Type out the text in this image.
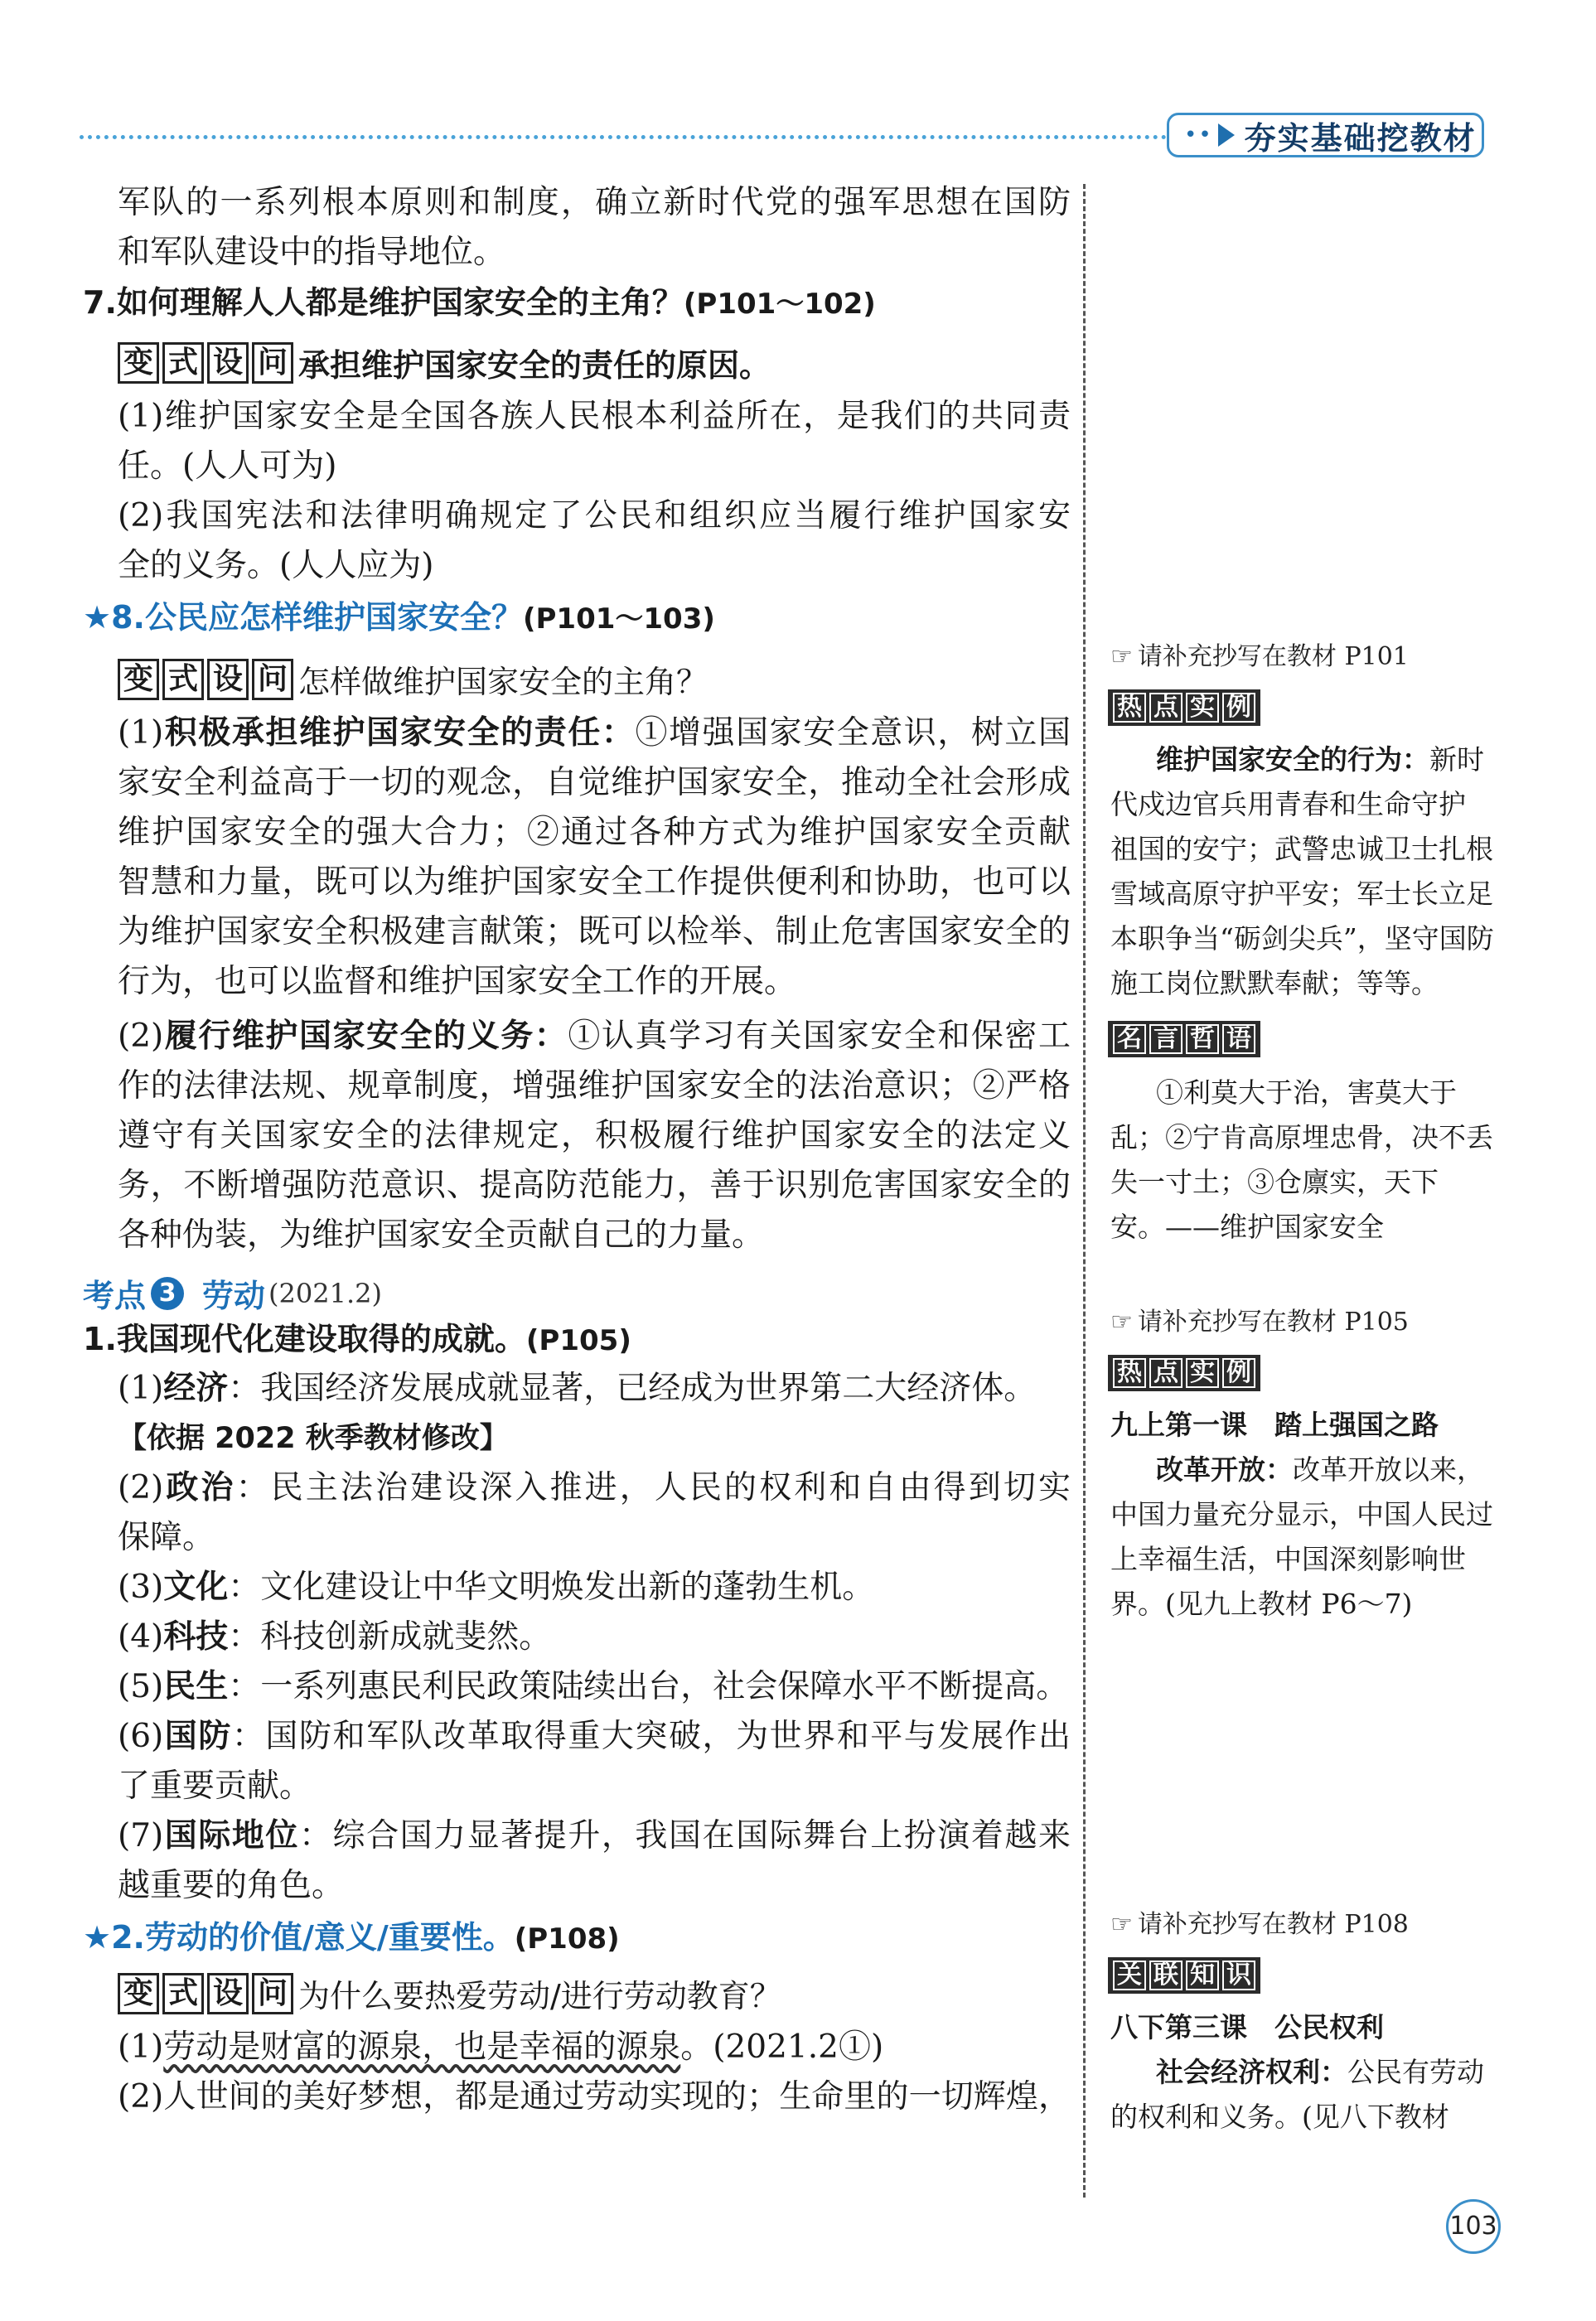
•• 夯实基础挖教材
军队的一系列根本原则和制度，确立新时代党的强军思想在国防
和军队建设中的指导地位。
7.如何理解人人都是维护国家安全的主角？(P101～102)
变 式 设 问 承担维护国家安全的责任的原因。
(1)维护国家安全是全国各族人民根本利益所在，是我们的共同责
任。(人人可为)
(2)我国宪法和法律明确规定了公民和组织应当履行维护国家安
全的义务。(人人应为)
★8.公民应怎样维护国家安全？(P101～103)
变 式 设 问 怎样做维护国家安全的主角？
(1)积极承担维护国家安全的责任：①增强国家安全意识，树立国
家安全利益高于一切的观念，自觉维护国家安全，推动全社会形成
维护国家安全的强大合力；②通过各种方式为维护国家安全贡献
智慧和力量，既可以为维护国家安全工作提供便利和协助，也可以
为维护国家安全积极建言献策；既可以检举、制止危害国家安全的
行为，也可以监督和维护国家安全工作的开展。
(2)履行维护国家安全的义务：①认真学习有关国家安全和保密工
作的法律法规、规章制度，增强维护国家安全的法治意识；②严格
遵守有关国家安全的法律规定，积极履行维护国家安全的法定义
务，不断增强防范意识、提高防范能力，善于识别危害国家安全的
各种伪装，为维护国家安全贡献自己的力量。
考点 3 劳动 (2021.2)
1.我国现代化建设取得的成就。(P105)
(1)经济：我国经济发展成就显著，已经成为世界第二大经济体。
【依据 2022 秋季教材修改】
(2)政治：民主法治建设深入推进，人民的权利和自由得到切实
保障。
(3)文化：文化建设让中华文明焕发出新的蓬勃生机。
(4)科技：科技创新成就斐然。
(5)民生：一系列惠民利民政策陆续出台，社会保障水平不断提高。
(6)国防：国防和军队改革取得重大突破，为世界和平与发展作出
了重要贡献。
(7)国际地位：综合国力显著提升，我国在国际舞台上扮演着越来
越重要的角色。
★2.劳动的价值/意义/重要性。(P108)
变 式 设 问 为什么要热爱劳动/进行劳动教育？
(1)劳动是财富的源泉，也是幸福的源泉。(2021.2①)
(2)人世间的美好梦想，都是通过劳动实现的；生命里的一切辉煌，
☞ 请补充抄写在教材 P101
热 点 实 例
维护国家安全的行为：新时
代戍边官兵用青春和生命守护
祖国的安宁；武警忠诚卫士扎根
雪域高原守护平安；军士长立足
本职争当“砺剑尖兵”，坚守国防
施工岗位默默奉献；等等。
名 言 哲 语
①利莫大于治，害莫大于
乱；②宁肯高原埋忠骨，决不丢
失一寸土；③仓廪实，天下
安。——维护国家安全
☞ 请补充抄写在教材 P105
热 点 实 例
九上第一课　踏上强国之路
改革开放：改革开放以来，
中国力量充分显示，中国人民过
上幸福生活，中国深刻影响世
界。(见九上教材 P6～7)
☞ 请补充抄写在教材 P108
关 联 知 识
八下第三课　公民权利
社会经济权利：公民有劳动
的权利和义务。(见八下教材
103
